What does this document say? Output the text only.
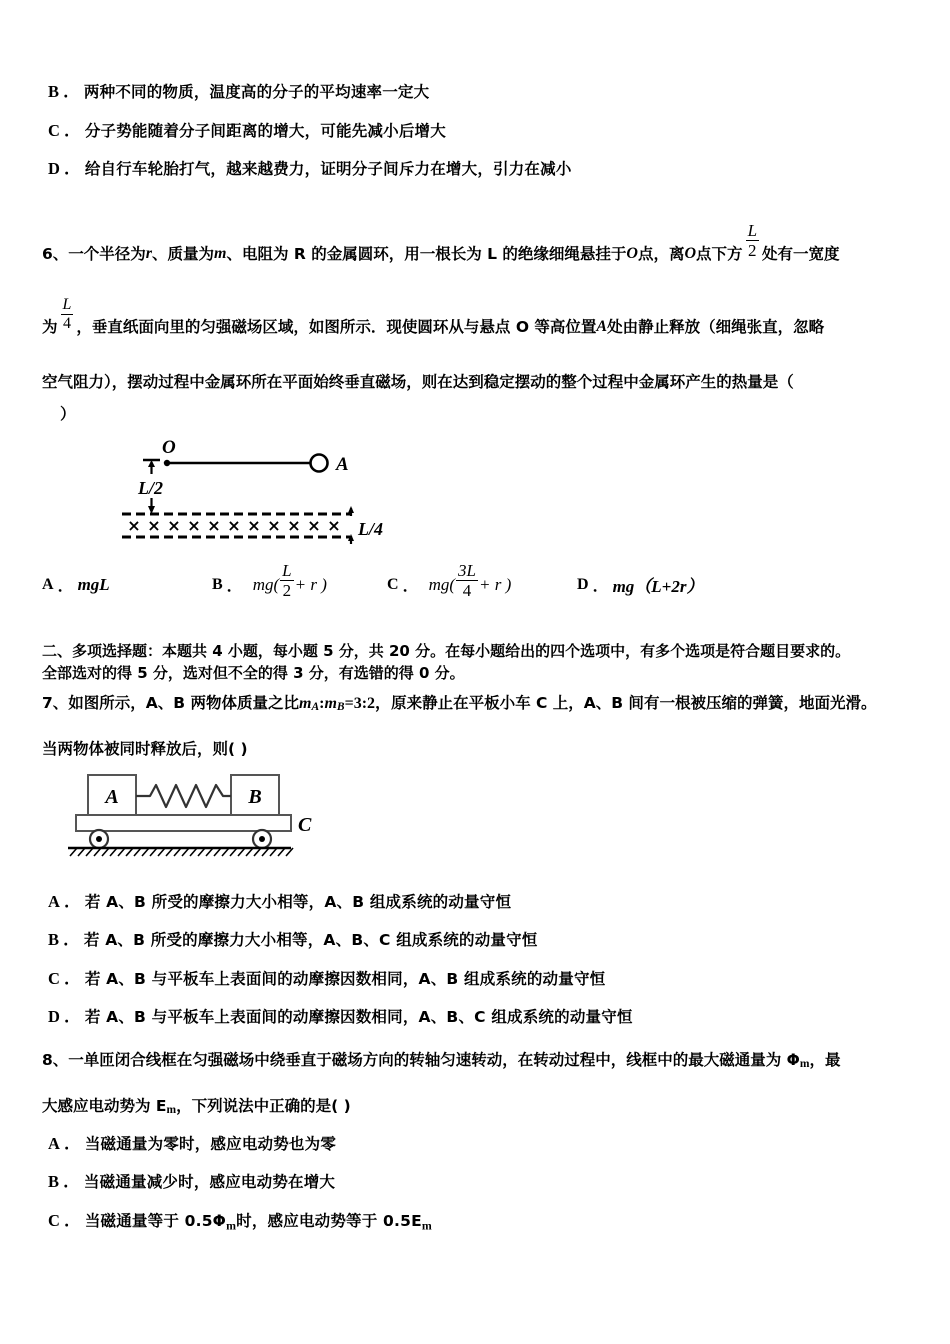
B ． 两种不同的物质，温度高的分子的平均速率一定大
C ． 分子势能随着分子间距离的增大，可能先减小后增大
D ． 给自行车轮胎打气，越来越费力，证明分子间斥力在增大，引力在减小
6、一个半径为 r 、质量为 m 、电阻为 R 的金属圆环，用一根长为 L 的绝缘细绳悬挂于 O 点，离 O 点下方 $\frac{L}{2}$ 处有一宽度
为 $\frac{L}{4}$ ，垂直纸面向里的匀强磁场区域，如图所示．现使圆环从与悬点 O 等高位置 A 处由静止释放（细绳张直，忽略
空气阻力），摆动过程中金属环所在平面始终垂直磁场，则在达到稳定摆动的整个过程中金属环产生的热量是（
）
O
A
L/2
× × × × × × × × × × × L/4
A ． mgL	B ． $mg( \frac{L}{2} + r$ )	C ． $mg( \frac{3L}{4} + r$ )	D ． mg（L+2r）
二、多项选择题：本题共 4 小题，每小题 5 分，共 20 分。在每小题给出的四个选项中，有多个选项是符合题目要求的。
全部选对的得 5 分，选对但不全的得 3 分，有选错的得 0 分。
7、如图所示，A、B 两物体质量之比 m A : m B =3:2， 原来静止在平板小车 C 上，A、B 间有一根被压缩的弹簧，地面光滑。
当两物体被同时释放后，则( )
A	B
C
A ． 若 A、B 所受的摩擦力大小相等，A、B 组成系统的动量守恒
B ． 若 A、B 所受的摩擦力大小相等，A、B、C 组成系统的动量守恒
C ． 若 A、B 与平板车上表面间的动摩擦因数相同，A、B 组成系统的动量守恒
D ． 若 A、B 与平板车上表面间的动摩擦因数相同，A、B、C 组成系统的动量守恒
8、一单匝闭合线框在匀强磁场中绕垂直于磁场方向的转轴匀速转动，在转动过程中，线框中的最大磁通量为 Φ m ，最
大感应电动势为 E m ，下列说法中正确的是( )
A ． 当磁通量为零时，感应电动势也为零
B ． 当磁通量减少时，感应电动势在增大
C ． 当磁通量等于 $0.5\Phi_m$时，感应电动势等于 $0.5E_m$
